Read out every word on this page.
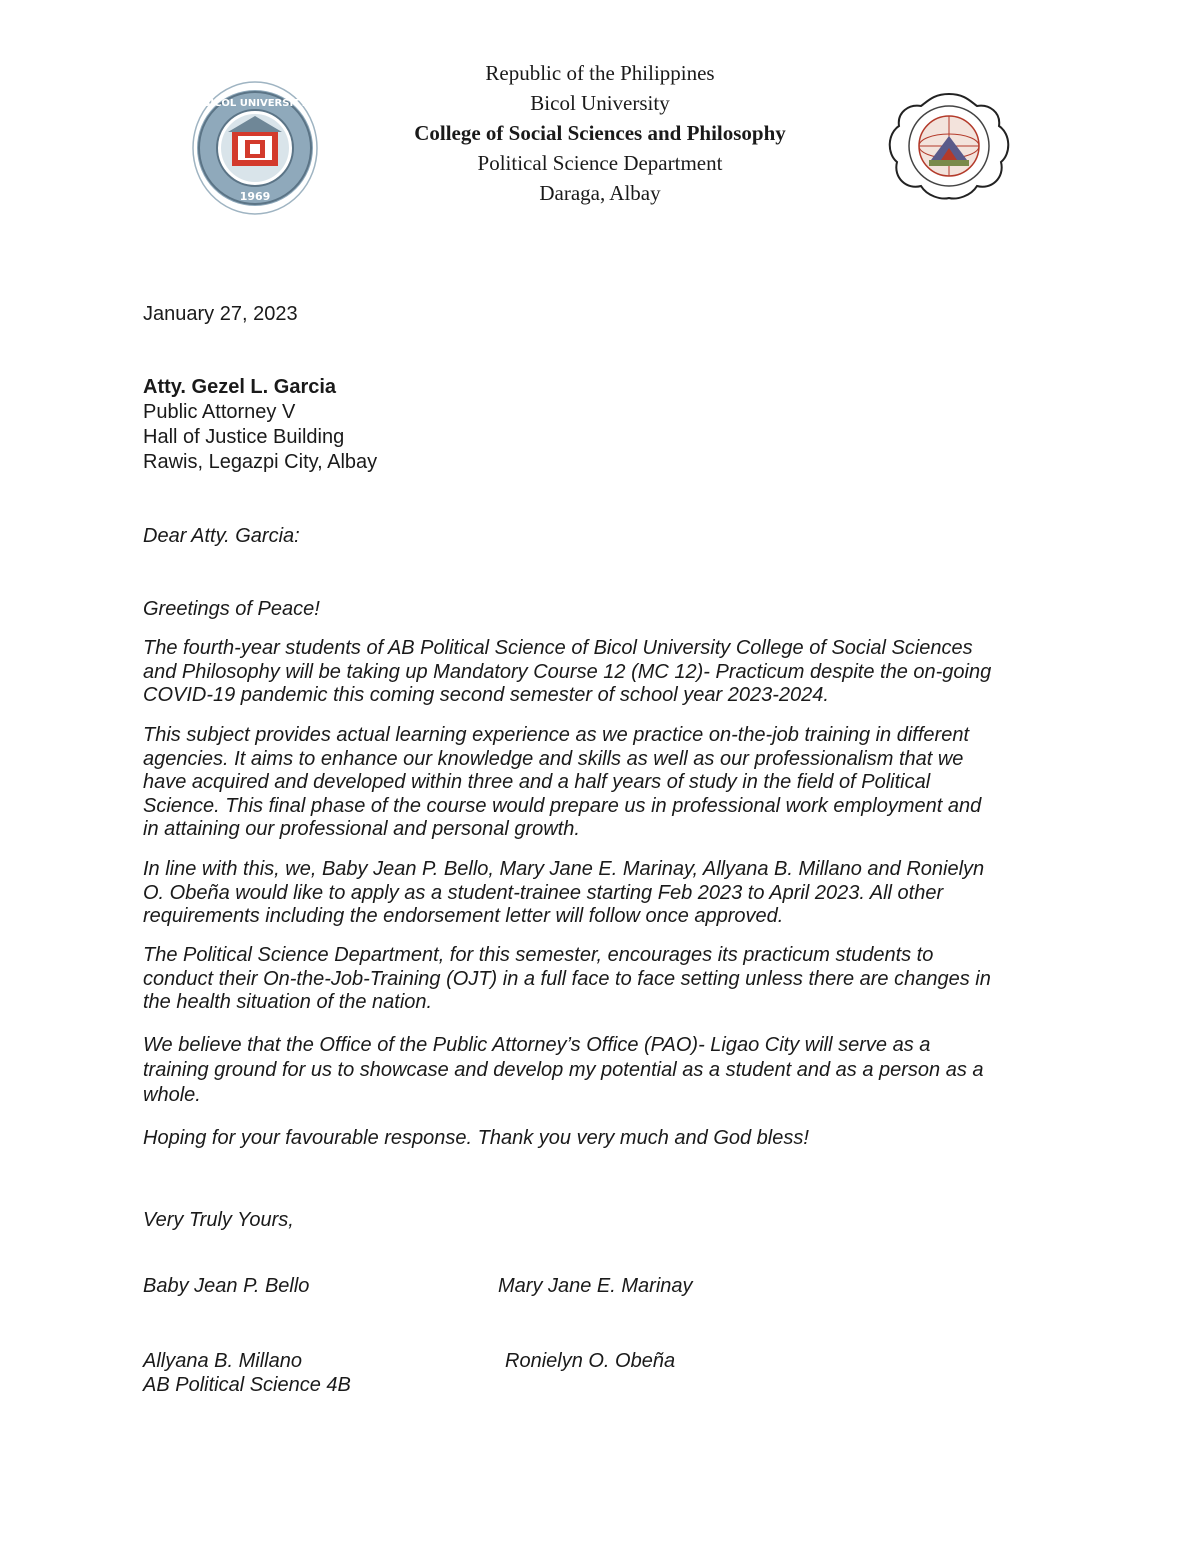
BICOL UNIVERSITY
1969
Republic of the Philippines
Bicol University
College of Social Sciences and Philosophy
Political Science Department
Daraga, Albay
January 27, 2023
Atty. Gezel L. Garcia
Public Attorney V
Hall of Justice Building
Rawis, Legazpi City, Albay
Dear Atty. Garcia:
Greetings of Peace!
The fourth-year students of AB Political Science of Bicol University College of Social Sciences
and Philosophy will be taking up Mandatory Course 12 (MC 12)- Practicum despite the on-going
COVID-19 pandemic this coming second semester of school year 2023-2024.
This subject provides actual learning experience as we practice on-the-job training in different
agencies. It aims to enhance our knowledge and skills as well as our professionalism that we
have acquired and developed within three and a half years of study in the field of Political
Science. This final phase of the course would prepare us in professional work employment and
in attaining our professional and personal growth.
In line with this, we, Baby Jean P. Bello, Mary Jane E. Marinay, Allyana B. Millano and Ronielyn
O. Obeña would like to apply as a student-trainee starting Feb 2023 to April 2023. All other
requirements including the endorsement letter will follow once approved.
The Political Science Department, for this semester, encourages its practicum students to
conduct their On-the-Job-Training (OJT) in a full face to face setting unless there are changes in
the health situation of the nation.
We believe that the Office of the Public Attorney’s Office (PAO)- Ligao City will serve as a
training ground for us to showcase and develop my potential as a student and as a person as a
whole.
Hoping for your favourable response. Thank you very much and God bless!
Very Truly Yours,
Baby Jean P. Bello	Mary Jane E. Marinay
Allyana B. Millano	Ronielyn O. Obeña
AB Political Science 4B
